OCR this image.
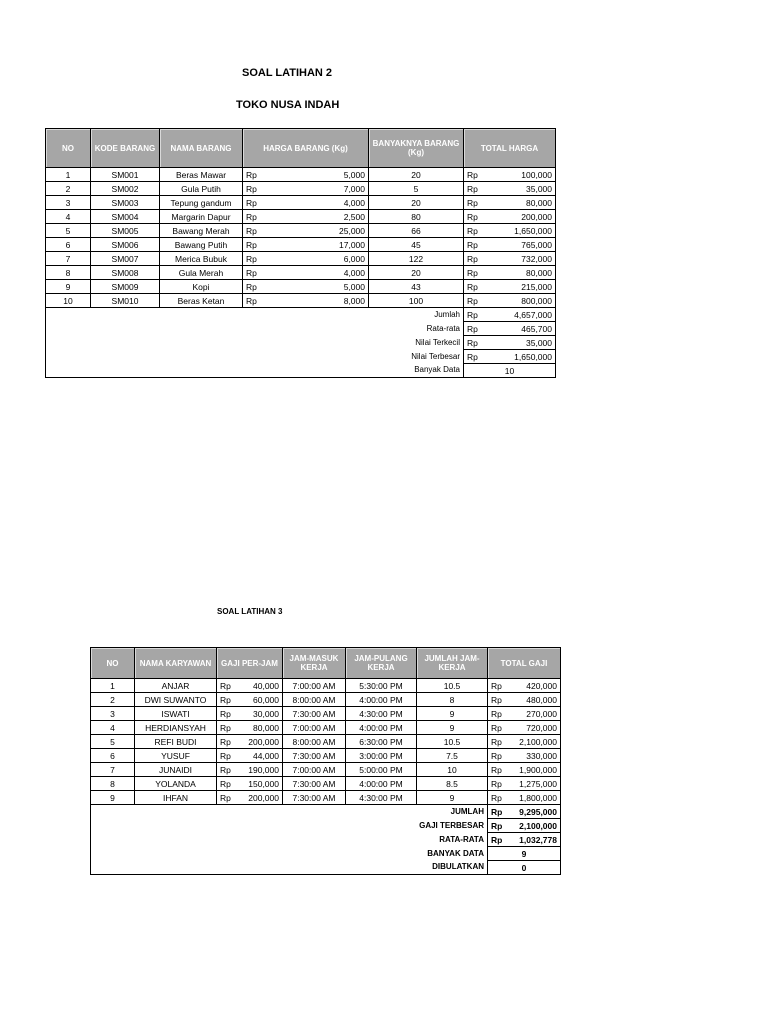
SOAL LATIHAN 2
TOKO NUSA INDAH
NO	KODE BARANG	NAMA BARANG	HARGA BARANG (Kg)	BANYAKNYA BARANG (Kg)	TOTAL HARGA
1	SM001	Beras Mawar	Rp 5,000	20	Rp 100,000

2	SM002	Gula Putih	Rp 7,000	5	Rp 35,000

3	SM003	Tepung gandum	Rp 4,000	20	Rp 80,000

4	SM004	Margarin Dapur	Rp 2,500	80	Rp 200,000

5	SM005	Bawang Merah	Rp 25,000	66	Rp 1,650,000

6	SM006	Bawang Putih	Rp 17,000	45	Rp 765,000

7	SM007	Merica Bubuk	Rp 6,000	122	Rp 732,000

8	SM008	Gula Merah	Rp 4,000	20	Rp 80,000

9	SM009	Kopi	Rp 5,000	43	Rp 215,000

10	SM010	Beras Ketan	Rp 8,000	100	Rp 800,000

			Jumlah		Rp 4,657,000

			Rata-rata		Rp 465,700

			Nilai Terkecil		Rp 35,000

			Nilai Terbesar		Rp 1,650,000

			Banyak Data		10
SOAL LATIHAN 3
NO	NAMA KARYAWAN	GAJI PER-JAM	JAM-MASUK KERJA	JAM-PULANG KERJA	JUMLAH JAM-KERJA	TOTAL GAJI
1	ANJAR	Rp 40,000	7:00:00 AM	5:30:00 PM	10.5	Rp 420,000

2	DWI SUWANTO	Rp 60,000	8:00:00 AM	4:00:00 PM	8	Rp 480,000

3	ISWATI	Rp 30,000	7:30:00 AM	4:30:00 PM	9	Rp 270,000

4	HERDIANSYAH	Rp 80,000	7:00:00 AM	4:00:00 PM	9	Rp 720,000

5	REFI BUDI	Rp 200,000	8:00:00 AM	6:30:00 PM	10.5	Rp 2,100,000

6	YUSUF	Rp 44,000	7:30:00 AM	3:00:00 PM	7.5	Rp 330,000

7	JUNAIDI	Rp 190,000	7:00:00 AM	5:00:00 PM	10	Rp 1,900,000

8	YOLANDA	Rp 150,000	7:30:00 AM	4:00:00 PM	8.5	Rp 1,275,000

9	IHFAN	Rp 200,000	7:30:00 AM	4:30:00 PM	9	Rp 1,800,000

				JUMLAH		Rp 9,295,000

				GAJI TERBESAR		Rp 2,100,000

				RATA-RATA		Rp 1,032,778

				BANYAK DATA		9
				DIBULATKAN		0
